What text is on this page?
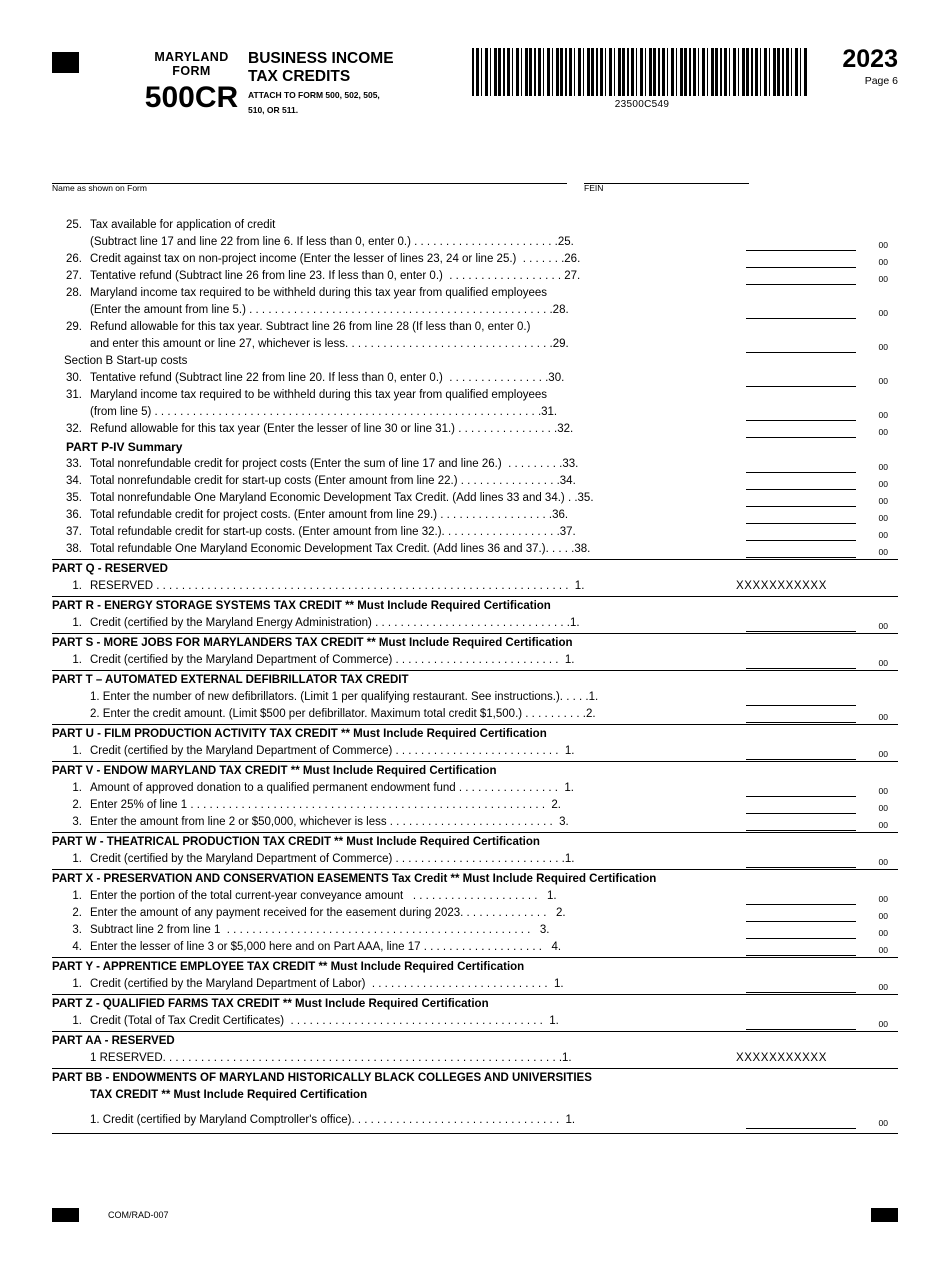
MARYLAND
FORM
500CR
BUSINESS INCOME
TAX CREDITS
ATTACH TO FORM 500, 502, 505,
510, OR 511.	23500C549
2023
Page 6
Name as shown on Form	FEIN
25. Tax available for application of credit
(Subtract line 17 and line 22 from line 6. If less than 0, enter 0.) . . . . . . . . . . . . . . . . . . . . . . .25.	00
26. Credit against tax on non-project income (Enter the lesser of lines 23, 24 or line 25.)  . . . . . . .26.	00
27. Tentative refund (Subtract line 26 from line 23. If less than 0, enter 0.)  . . . . . . . . . . . . . . . . . . 27.	00
28. Maryland income tax required to be withheld during this tax year from qualified employees
(Enter the amount from line 5.) . . . . . . . . . . . . . . . . . . . . . . . . . . . . . . . . . . . . . . . . . . . . . . . .28.	00
29. Refund allowable for this tax year. Subtract line 26 from line 28 (If less than 0, enter 0.)
and enter this amount or line 27, whichever is less. . . . . . . . . . . . . . . . . . . . . . . . . . . . . . . . .29.	00
Section B Start-up costs
30. Tentative refund (Subtract line 22 from line 20. If less than 0, enter 0.)  . . . . . . . . . . . . . . . .30.	00
31. Maryland income tax required to be withheld during this tax year from qualified employees
(from line 5) . . . . . . . . . . . . . . . . . . . . . . . . . . . . . . . . . . . . . . . . . . . . . . . . . . . . . . . . . . . . .31.	00
32. Refund allowable for this tax year (Enter the lesser of line 30 or line 31.) . . . . . . . . . . . . . . . .32.	00
PART P-IV Summary
33. Total nonrefundable credit for project costs (Enter the sum of line 17 and line 26.)  . . . . . . . . .33.	00
34. Total nonrefundable credit for start-up costs (Enter amount from line 22.) . . . . . . . . . . . . . . . .34.	00
35. Total nonrefundable One Maryland Economic Development Tax Credit. (Add lines 33 and 34.) . .35.	00
36. Total refundable credit for project costs. (Enter amount from line 29.) . . . . . . . . . . . . . . . . . .36.	00
37. Total refundable credit for start-up costs. (Enter amount from line 32.). . . . . . . . . . . . . . . . . . .37.	00
38. Total refundable One Maryland Economic Development Tax Credit. (Add lines 36 and 37.). . . . .38.	00
PART Q - RESERVED
1. RESERVED . . . . . . . . . . . . . . . . . . . . . . . . . . . . . . . . . . . . . . . . . . . . . . . . . . . . . . . . . . . . . . . . .  1.	XXXXXXXXXXX
PART R - ENERGY STORAGE SYSTEMS TAX CREDIT ** Must Include Required Certification
1. Credit (certified by the Maryland Energy Administration) . . . . . . . . . . . . . . . . . . . . . . . . . . . . . . .1.	00
PART S - MORE JOBS FOR MARYLANDERS TAX CREDIT ** Must Include Required Certification
1. Credit (certified by the Maryland Department of Commerce) . . . . . . . . . . . . . . . . . . . . . . . . . .  1.	00
PART T – AUTOMATED EXTERNAL DEFIBRILLATOR TAX CREDIT
1. Enter the number of new defibrillators. (Limit 1 per qualifying restaurant. See instructions.). . . . .1.
2. Enter the credit amount. (Limit $500 per defibrillator. Maximum total credit $1,500.) . . . . . . . . . .2.	00
PART U - FILM PRODUCTION ACTIVITY TAX CREDIT ** Must Include Required Certification
1. Credit (certified by the Maryland Department of Commerce) . . . . . . . . . . . . . . . . . . . . . . . . . .  1.	00
PART V - ENDOW MARYLAND TAX CREDIT ** Must Include Required Certification
1. Amount of approved donation to a qualified permanent endowment fund . . . . . . . . . . . . . . . .  1.	00
2. Enter 25% of line 1 . . . . . . . . . . . . . . . . . . . . . . . . . . . . . . . . . . . . . . . . . . . . . . . . . . . . . . . .  2.	00
3. Enter the amount from line 2 or $50,000, whichever is less . . . . . . . . . . . . . . . . . . . . . . . . . .  3.	00
PART W - THEATRICAL PRODUCTION TAX CREDIT ** Must Include Required Certification
1. Credit (certified by the Maryland Department of Commerce) . . . . . . . . . . . . . . . . . . . . . . . . . . .1.	00
PART X - PRESERVATION AND CONSERVATION EASEMENTS Tax Credit ** Must Include Required Certification
1. Enter the portion of the total current-year conveyance amount   . . . . . . . . . . . . . . . . . . . .   1.	00
2. Enter the amount of any payment received for the easement during 2023. . . . . . . . . . . . . .   2.	00
3. Subtract line 2 from line 1  . . . . . . . . . . . . . . . . . . . . . . . . . . . . . . . . . . . . . . . . . . . . . . . .   3.	00
4. Enter the lesser of line 3 or $5,000 here and on Part AAA, line 17 . . . . . . . . . . . . . . . . . . .   4.	00
PART Y - APPRENTICE EMPLOYEE TAX CREDIT ** Must Include Required Certification
1. Credit (certified by the Maryland Department of Labor)  . . . . . . . . . . . . . . . . . . . . . . . . . . . .  1.	00
PART Z - QUALIFIED FARMS TAX CREDIT ** Must Include Required Certification
1. Credit (Total of Tax Credit Certificates)  . . . . . . . . . . . . . . . . . . . . . . . . . . . . . . . . . . . . . . . .  1.	00
PART AA - RESERVED
1 RESERVED. . . . . . . . . . . . . . . . . . . . . . . . . . . . . . . . . . . . . . . . . . . . . . . . . . . . . . . . . . . . . . .1.	XXXXXXXXXXX
PART BB - ENDOWMENTS OF MARYLAND HISTORICALLY BLACK COLLEGES AND UNIVERSITIES
TAX CREDIT ** Must Include Required Certification
1. Credit (certified by Maryland Comptroller's office). . . . . . . . . . . . . . . . . . . . . . . . . . . . . . . . .  1.	00
COM/RAD-007
